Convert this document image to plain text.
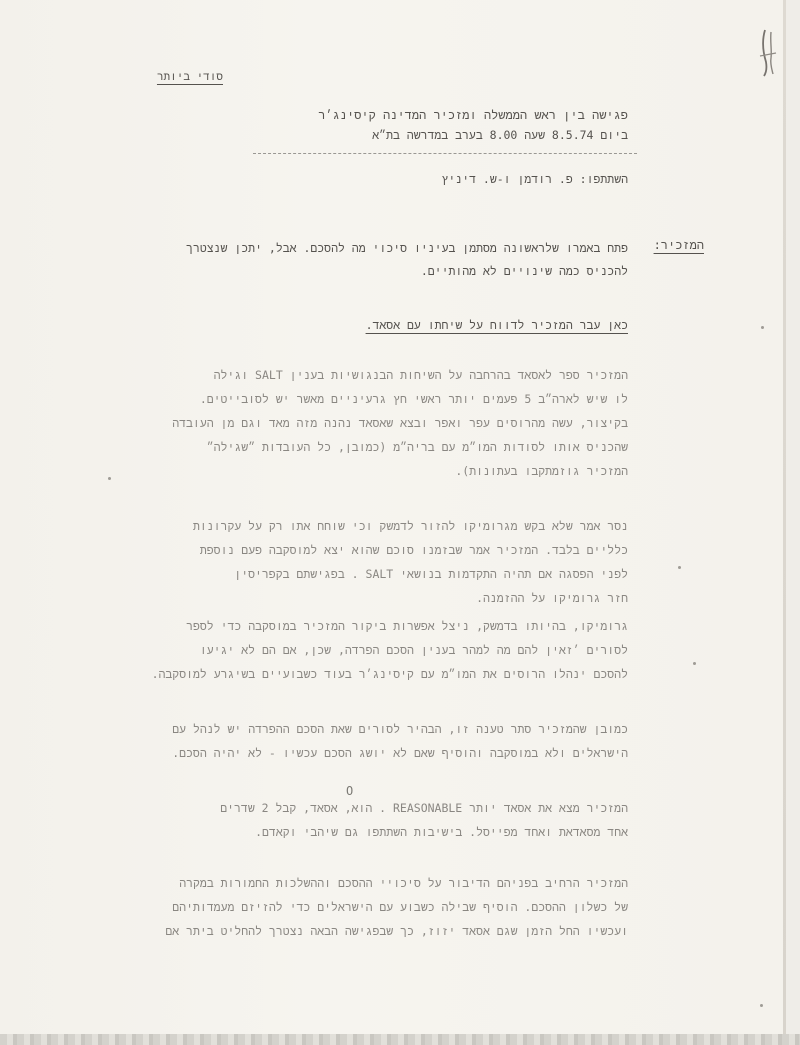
סודי ביותר
פגישה בין ראש הממשלה ומזכיר המדינה קיסינג׳ר
ביום 8.5.74 שעה 8.00 בערב במדרשה בת״א
השתתפו: פ. רודמן ו-ש. דיניץ
המזכיר:
פתח באמרו שלראשונה מסתמן בעיניו סיכוי מה להסכם. אבל, יתכן שנצטרך
להכניס כמה שינויים לא מהותיים.
כאן עבר המזכיר לדווח על שיחתו עם אסאד.
המזכיר ספר לאסאד בהרחבה על השיחות הבנגושיות בענין SALT וגילה
לו שיש לארה״ב 5 פעמים יותר ראשי חץ גרעיניים מאשר יש לסובייטים.
בקיצור, עשה מהרוסים עפר ואפר ובצא שאסאד נהנה מזה מאד וגם מן העובדה
שהכניס אותו לסודות המו״מ עם בריה״מ (כמובן, כל העובדות ״שגילה״
המזכיר גוזמתקבו בעתונות).
נסר אמר שלא בקש מגרומיקו להזור לדמשק וכי שוחח אתו רק על עקרונות
כלליים בלבד. המזכיר אמר שבזמנו סוכם שהוא יצא למוסקבה פעם נוספת
לפני הפסגה אם תהיה התקדמות בנושאי SALT . בפגישתם בקפריסין
חזר גרומיקו על ההזמנה.
גרומיקו, בהיותו בדמשק, ניצל אפשרות ביקור המזכיר במוסקבה כדי לספר
לסורים ׳זאין להם מה למהר בענין הסכם הפרדה, שכן, אם הם לא יגיעו
להסכם ינהלו הרוסים את המו״מ עם קיסינג׳ר בעוד כשבועיים בשיגרע למוסקבה.
כמובן שהמזכיר סתר טענה זו, הבהיר לסורים שאת הסכם ההפרדה יש לנהל עם
הישראלים ולא במוסקבה והוסיף שאם לא יושג הסכם עכשיו - לא יהיה הסכם.
O
המזכיר מצא את אסאד יותר REASONABLE . הוא, אסאד, קבל 2 שדרים
אחד מסאדאת ואחד מפייסל. בישיבות השתתפו גם שיהבי וקאדם.
המזכיר הרחיב בפניהם הדיבור על סיכויי ההסכם וההשלכות החמורות במקרה
של כשלון ההסכם. הוסיף שבילה כשבוע עם הישראלים כדי להזיזם מעמדותיהם
ועכשיו החל הזמן שגם אסאד יזוז, כך שבפגישה הבאה נצטרך להחליט ביתר אם
